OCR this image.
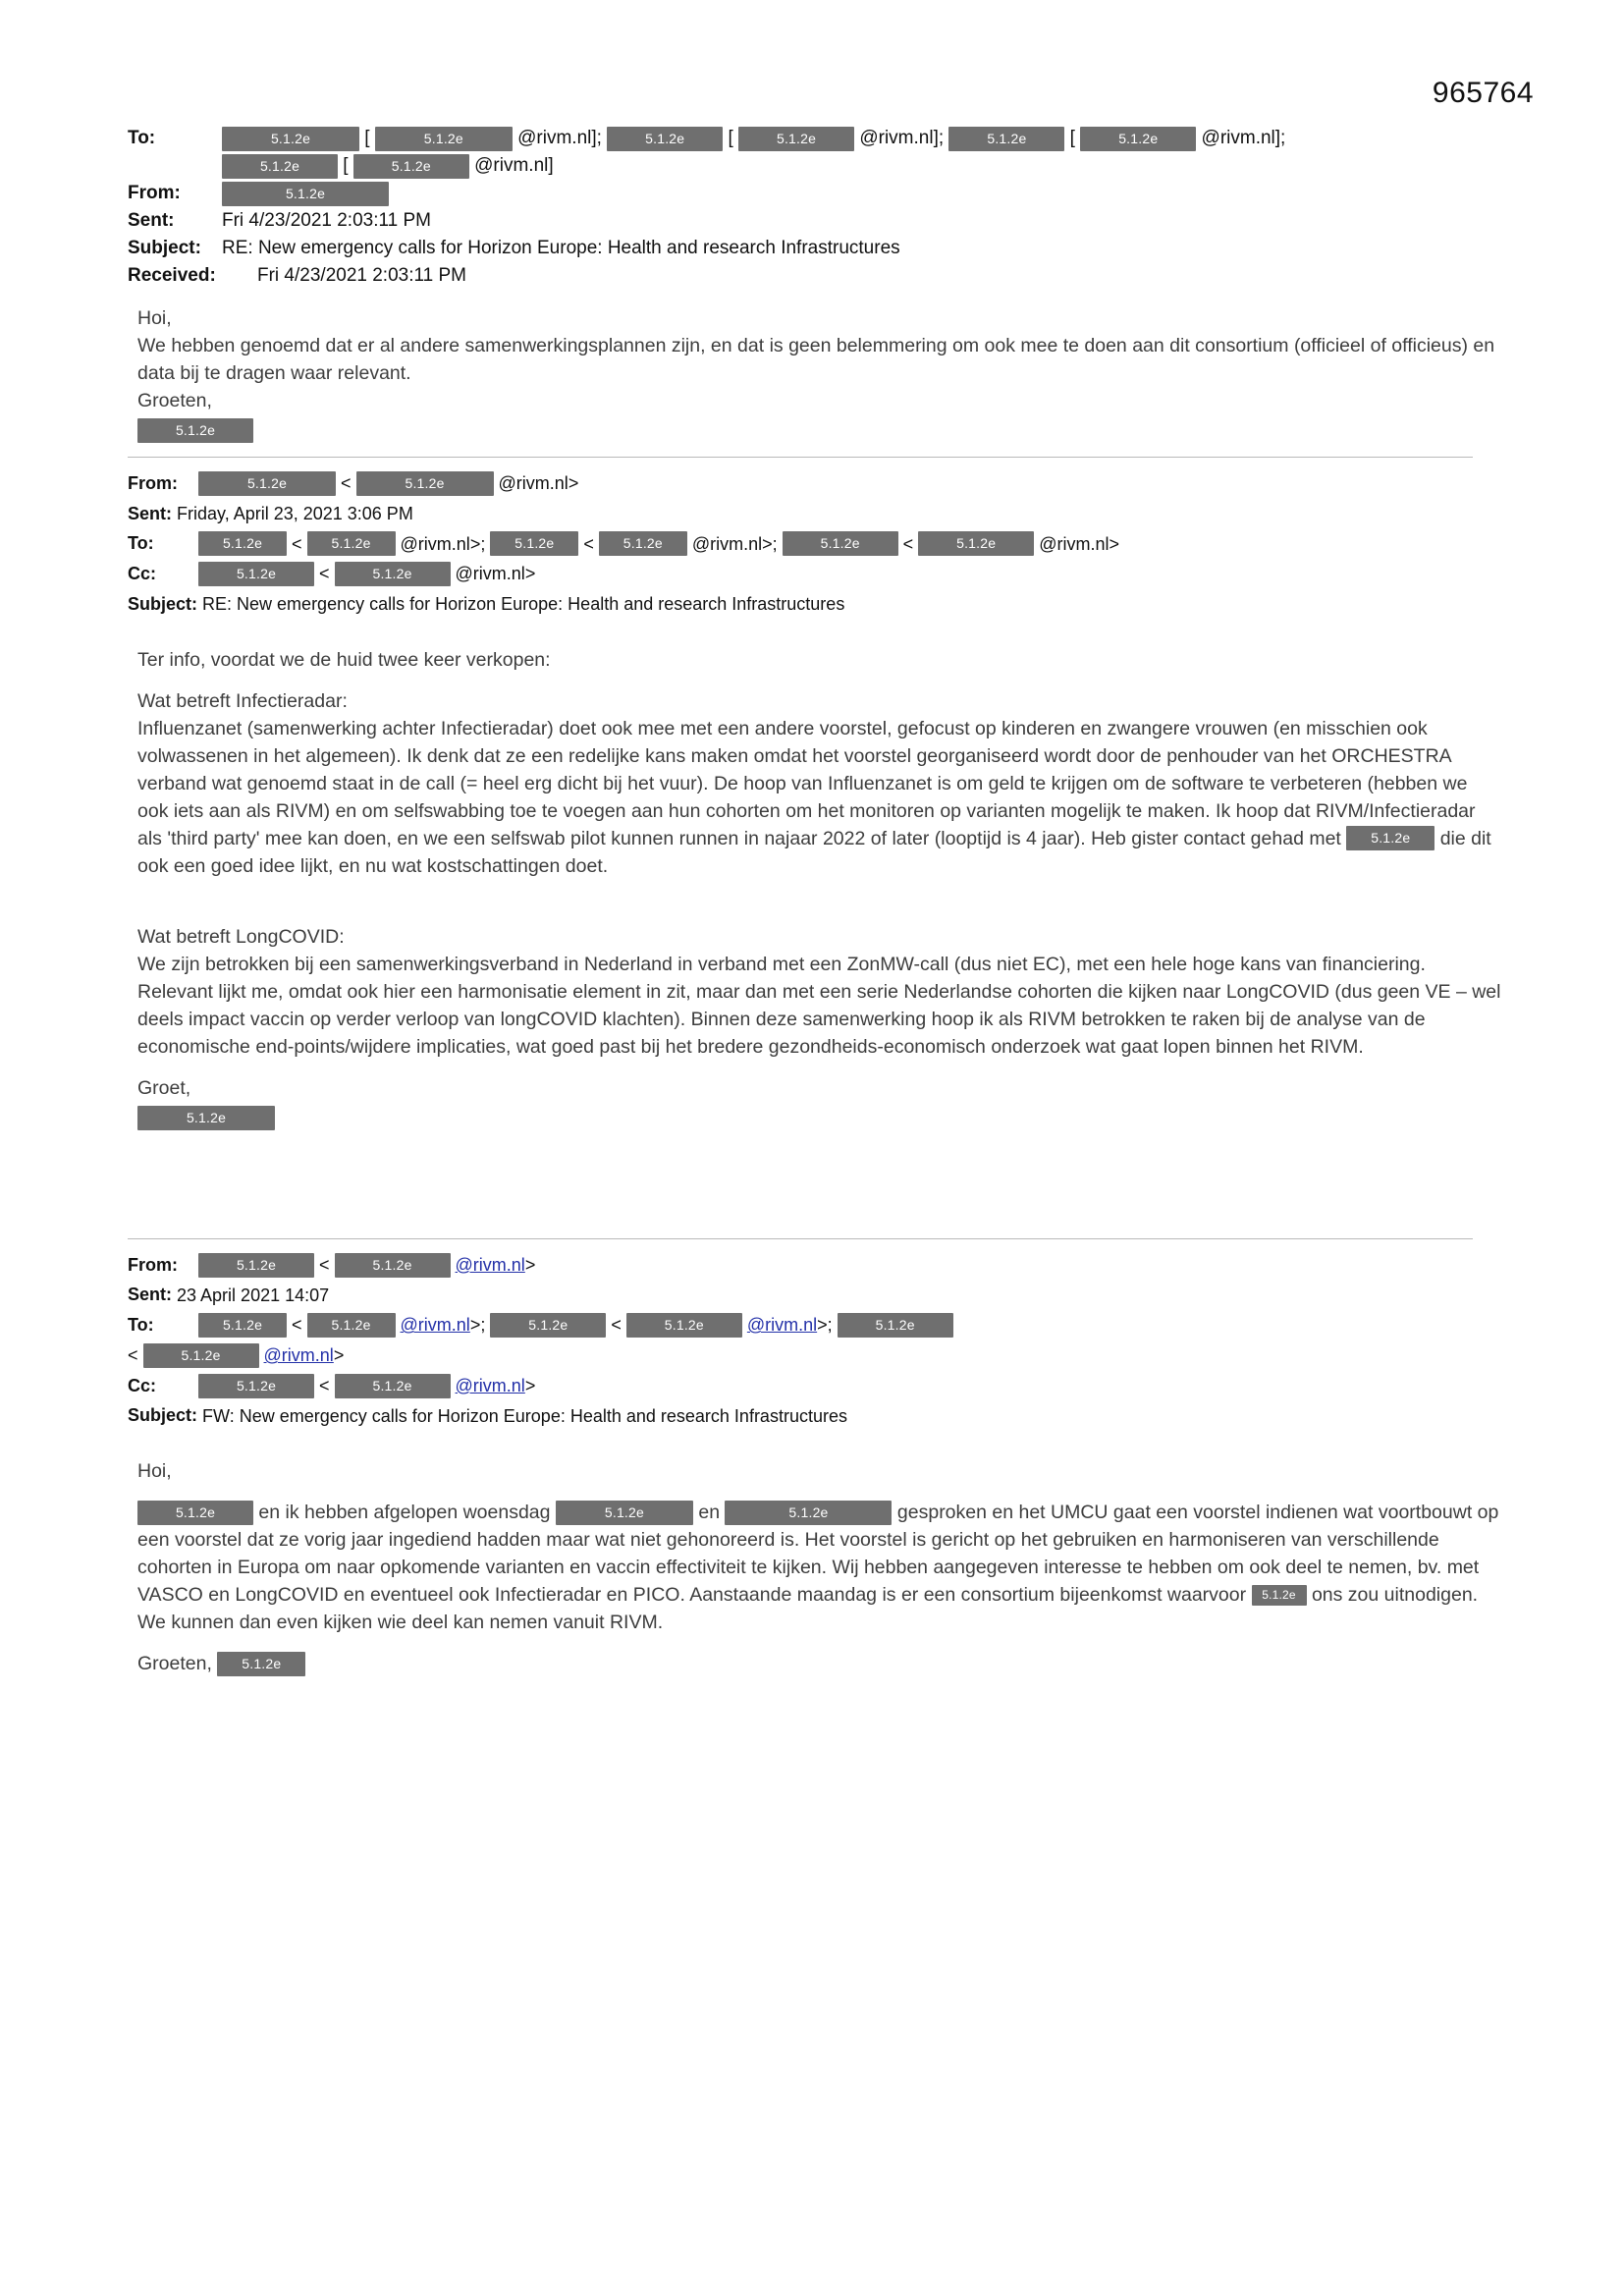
965764
To:	5.1.2e	[	5.1.2e	@rivm.nl];	5.1.2e [	5.1.2e @rivm.nl];	5.1.2e [	5.1.2e @rivm.nl];
5.1.2e [	5.1.2e @rivm.nl]
From:	5.1.2e
Sent:	Fri 4/23/2021 2:03:11 PM
Subject: RE: New emergency calls for Horizon Europe: Health and research Infrastructures
Received: Fri 4/23/2021 2:03:11 PM

Hoi,

We hebben genoemd dat er al andere samenwerkingsplannen zijn, en dat is geen belemmering om ook mee te doen aan dit consortium (officieel of officieus) en data bij te dragen waar relevant.

Groeten,

5.1.2e
From:	5.1.2e	<	5.1.2e	@rivm.nl>
Sent: Friday, April 23, 2021 3:06 PM
To:	5.1.2e < 5.1.2e @rivm.nl>; 5.1.2e < 5.1.2e @rivm.nl>;	5.1.2e <	5.1.2e @rivm.nl>
Cc:	5.1.2e <	5.1.2e @rivm.nl>
Subject: RE: New emergency calls for Horizon Europe: Health and research Infrastructures

Ter info, voordat we de huid twee keer verkopen:

Wat betreft Infectieradar:

Influenzanet (samenwerking achter Infectieradar) doet ook mee met een andere voorstel, gefocust op kinderen en zwangere vrouwen (en misschien ook volwassenen in het algemeen). Ik denk dat ze een redelijke kans maken omdat het voorstel georganiseerd wordt door de penhouder van het ORCHESTRA verband wat genoemd staat in de call (= heel erg dicht bij het vuur). De hoop van Influenzanet is om geld te krijgen om de software te verbeteren (hebben we ook iets aan als RIVM) en om selfswabbing toe te voegen aan hun cohorten om het monitoren op varianten mogelijk te maken. Ik hoop dat RIVM/Infectieradar als 'third party' mee kan doen, en we een selfswab pilot kunnen runnen in najaar 2022 of later (looptijd is 4 jaar). Heb gister contact gehad met 5.1.2e die dit ook een goed idee lijkt, en nu wat kostschattingen doet.

Wat betreft LongCOVID:

We zijn betrokken bij een samenwerkingsverband in Nederland in verband met een ZonMW-call (dus niet EC), met een hele hoge kans van financiering. Relevant lijkt me, omdat ook hier een harmonisatie element in zit, maar dan met een serie Nederlandse cohorten die kijken naar LongCOVID (dus geen VE – wel deels impact vaccin op verder verloop van longCOVID klachten). Binnen deze samenwerking hoop ik als RIVM betrokken te raken bij de analyse van de economische end-points/wijdere implicaties, wat goed past bij het bredere gezondheids-economisch onderzoek wat gaat lopen binnen het RIVM.

Groet,

5.1.2e
From:	5.1.2e <	5.1.2e @rivm.nl>
Sent: 23 April 2021 14:07
To:	5.1.2e < 5.1.2e @rivm.nl>;	5.1.2e <	5.1.2e @rivm.nl>;	5.1.2e
<	5.1.2e @rivm.nl>
Cc:	5.1.2e <	5.1.2e @rivm.nl>
Subject: FW: New emergency calls for Horizon Europe: Health and research Infrastructures

Hoi,

5.1.2e en ik hebben afgelopen woensdag	5.1.2e	en	5.1.2e	gesproken en het UMCU gaat een voorstel indienen wat voortbouwt op een voorstel dat ze vorig jaar ingediend hadden maar wat niet gehonoreerd is. Het voorstel is gericht op het gebruiken en harmoniseren van verschillende cohorten in Europa om naar opkomende varianten en vaccin effectiviteit te kijken. Wij hebben aangegeven interesse te hebben om ook deel te nemen, bv. met VASCO en LongCOVID en eventueel ook Infectieradar en PICO. Aanstaande maandag is er een consortium bijeenkomst waarvoor 5.1.2e ons zou uitnodigen. We kunnen dan even kijken wie deel kan nemen vanuit RIVM.

Groeten, 5.1.2e
